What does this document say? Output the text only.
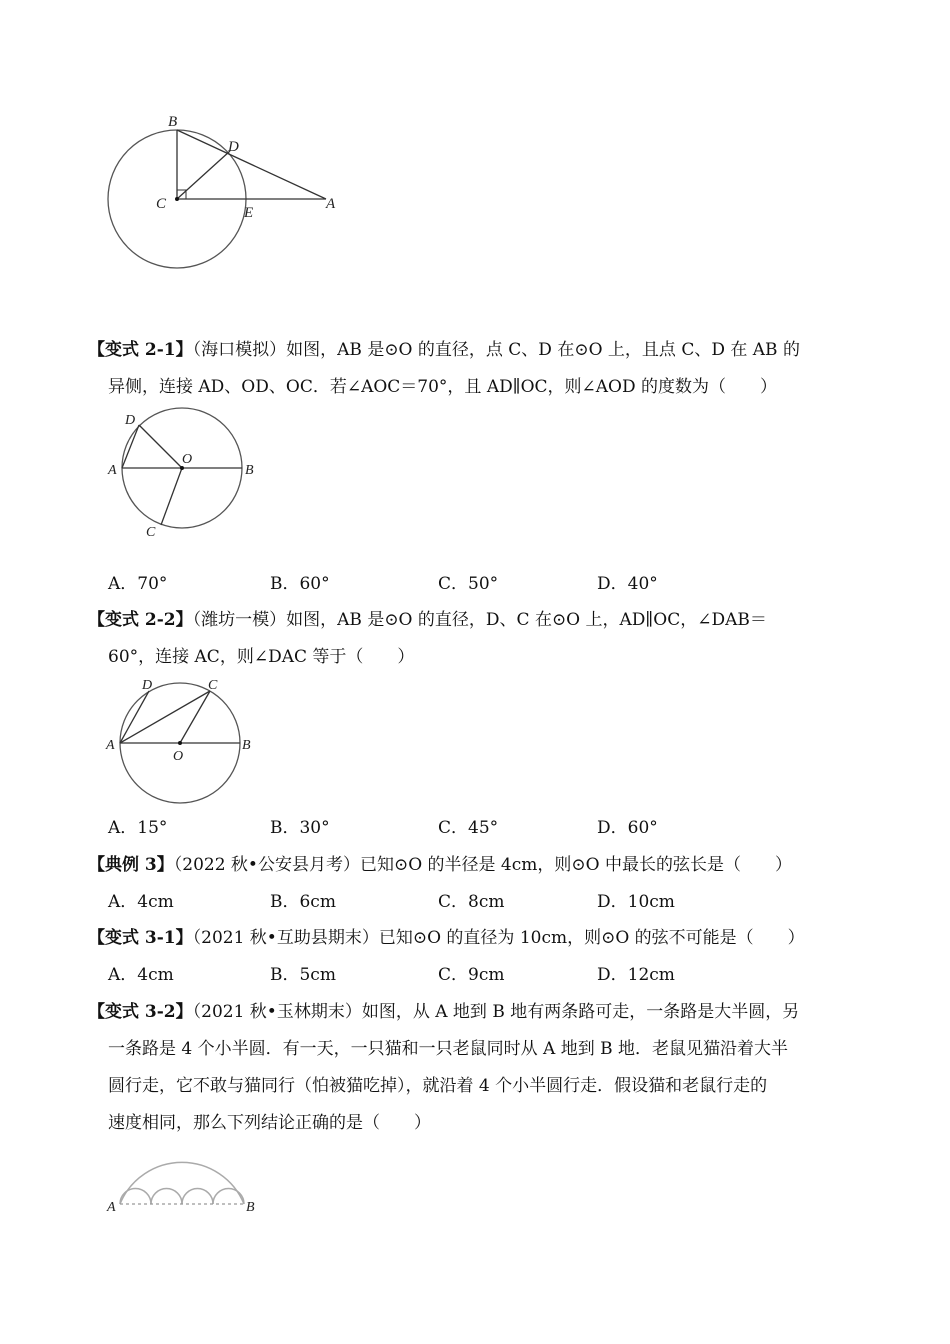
B
D
C
E
A
【变式 2-1】（海口模拟）如图，AB 是⊙O 的直径，点 C、D 在⊙O 上，且点 C、D 在 AB 的
异侧，连接 AD、OD、OC．若∠AOC＝70°，且 AD∥OC，则∠AOD 的度数为（　　）
D
O
A	B
C
A．70°	B．60°	C．50°	D．40°
【变式 2-2】（潍坊一模）如图，AB 是⊙O 的直径，D、C 在⊙O 上，AD∥OC，∠DAB＝
60°，连接 AC，则∠DAC 等于（　　）
D	C
A
O
B
A．15°	B．30°	C．45°	D．60°
【典例 3】（2022 秋•公安县月考）已知⊙O 的半径是 4cm，则⊙O 中最长的弦长是（　　）
A．4cm	B．6cm	C．8cm	D．10cm
【变式 3-1】（2021 秋•互助县期末）已知⊙O 的直径为 10cm，则⊙O 的弦不可能是（　　）
A．4cm	B．5cm	C．9cm	D．12cm
【变式 3-2】（2021 秋•玉林期末）如图，从 A 地到 B 地有两条路可走，一条路是大半圆，另
一条路是 4 个小半圆．有一天，一只猫和一只老鼠同时从 A 地到 B 地．老鼠见猫沿着大半
圆行走，它不敢与猫同行（怕被猫吃掉），就沿着 4 个小半圆行走．假设猫和老鼠行走的
速度相同，那么下列结论正确的是（　　）
A	B
